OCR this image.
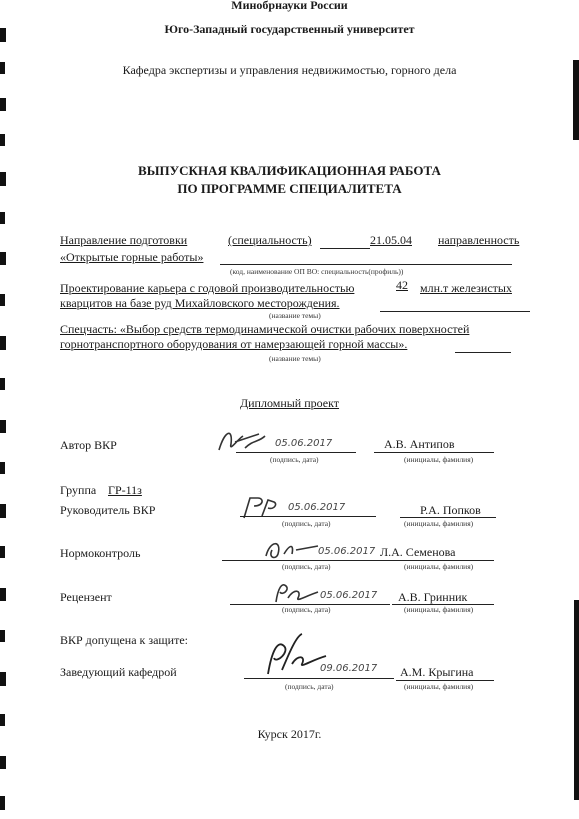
Минобрнауки России
Юго-Западный государственный университет
Кафедра экспертизы и управления недвижимостью, горного дела
ВЫПУСКНАЯ КВАЛИФИКАЦИОННАЯ РАБОТА
ПО ПРОГРАММЕ СПЕЦИАЛИТЕТА
Направление подготовки	(специальность)	21.05.04 направленность
«Открытые горные работы»
(код, наименование ОП ВО: специальность(профиль))
Проектирование карьера с годовой производительностью	42 млн.т железистых
кварцитов на базе руд Михайловского месторождения.
(название темы)
Спецчасть: «Выбор средств термодинамической очистки рабочих поверхностей
горнотранспортного оборудования от намерзающей горной массы».
(название темы)
Дипломный проект
Автор ВКР	05.06.2017	А.В. Антипов
(подпись, дата)	(инициалы, фамилия)
Группа ГР-11з
Руководитель ВКР	05.06.2017	Р.А. Попков
(подпись, дата)	(инициалы, фамилия)
Нормоконтроль	05.06.2017 Л.А. Семенова
(подпись, дата)	(инициалы, фамилия)
Рецензент	05.06.2017 А.В. Гринник
(подпись, дата)	(инициалы, фамилия)
ВКР допущена к защите:
Заведующий кафедрой	09.06.2017 А.М. Крыгина
(подпись, дата)	(инициалы, фамилия)
Курск 2017г.
